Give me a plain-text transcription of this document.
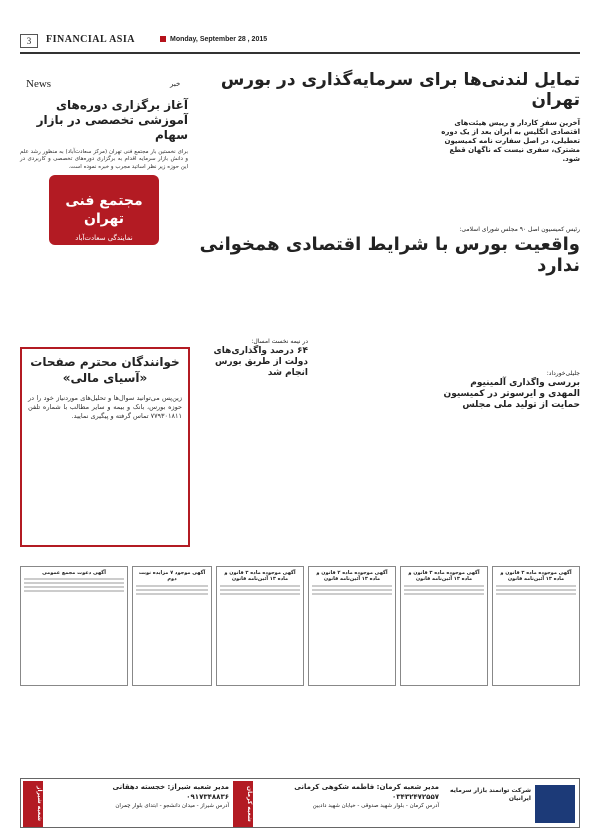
3	FINANCIAL ASIA	Monday, September 28 , 2015
News	خبر
آغاز برگزاری دوره‌های آموزشی تخصصی در بازار سهام
برای نخستین بار مجتمع فنی تهران (مرکز سعادت‌آباد) به منظور رشد علم و دانش بازار سرمایه اقدام به برگزاری دوره‌های تخصصی و کاربردی در این حوزه زیر نظر اساتید مجرب و خبره نموده است.
مجتمع فنی تهران
نمایندگی سعادت‌آباد
خوانندگان محترم صفحات «آسیای مالی»
زین‌پس می‌توانید سوال‌ها و تحلیل‌های موردنیاز خود را در حوزه بورس، بانک و بیمه و سایر مطالب با شماره تلفن ۷۷۹۳۰۱۸۱۱ تماس گرفته و پیگیری نمایید.
تمایل لندنی‌ها برای سرمایه‌گذاری در بورس تهران
آخرین سفر کاردار و رییس هیئت‌های اقتصادی انگلیس به ایران بعد از یک دوره تعطیلی، در اصل سفارت نامه کمیسیون مشترک، سفری نیست که ناگهان قطع شود.
رئیس کمیسیون اصل ۹۰ مجلس شورای اسلامی:
واقعیت بورس با شرایط اقتصادی همخوانی ندارد
جلیلی‌خورداد:
بررسی واگذاری آلمینیوم المهدی و ایرسوتر در کمیسیون حمایت از تولید ملی مجلس
در نیمه نخست امسال:
۶۴ درصد واگذاری‌های دولت از طریق بورس انجام شد
آگهی دعوت مجمع عمومی	آگهی موجود ۷ مزایده نوبت دوم
آگهی موجوده ماده ۳ قانون و ماده ۱۳ آئین‌نامه قانون
آگهی موجوده ماده ۲ قانون و ماده ۱۳ آئین‌نامه قانون
آگهی موجوده ماده ۳ قانون و ماده ۱۳ آئین‌نامه قانون
آگهی موجوده ماده ۳ قانون و ماده ۱۳ آئین‌نامه قانون
شعبه شیراز	مدیر شعبه شیراز: خجسته دهقانی
۰۹۱۷۳۴۸۸۳۶
آدرس شیراز - میدان دانشجو - ابتدای بلوار چمران	شعبه کرمان	مدیر شعبه کرمان: فاطمه شکوهی کرمانی
۰۳۴۳۲۴۷۲۵۵۷
آدرس کرمان - بلوار شهید صدوقی - خیابان شهید دادبین
شرکت توانمند بازار سرمایه ایرانیان
